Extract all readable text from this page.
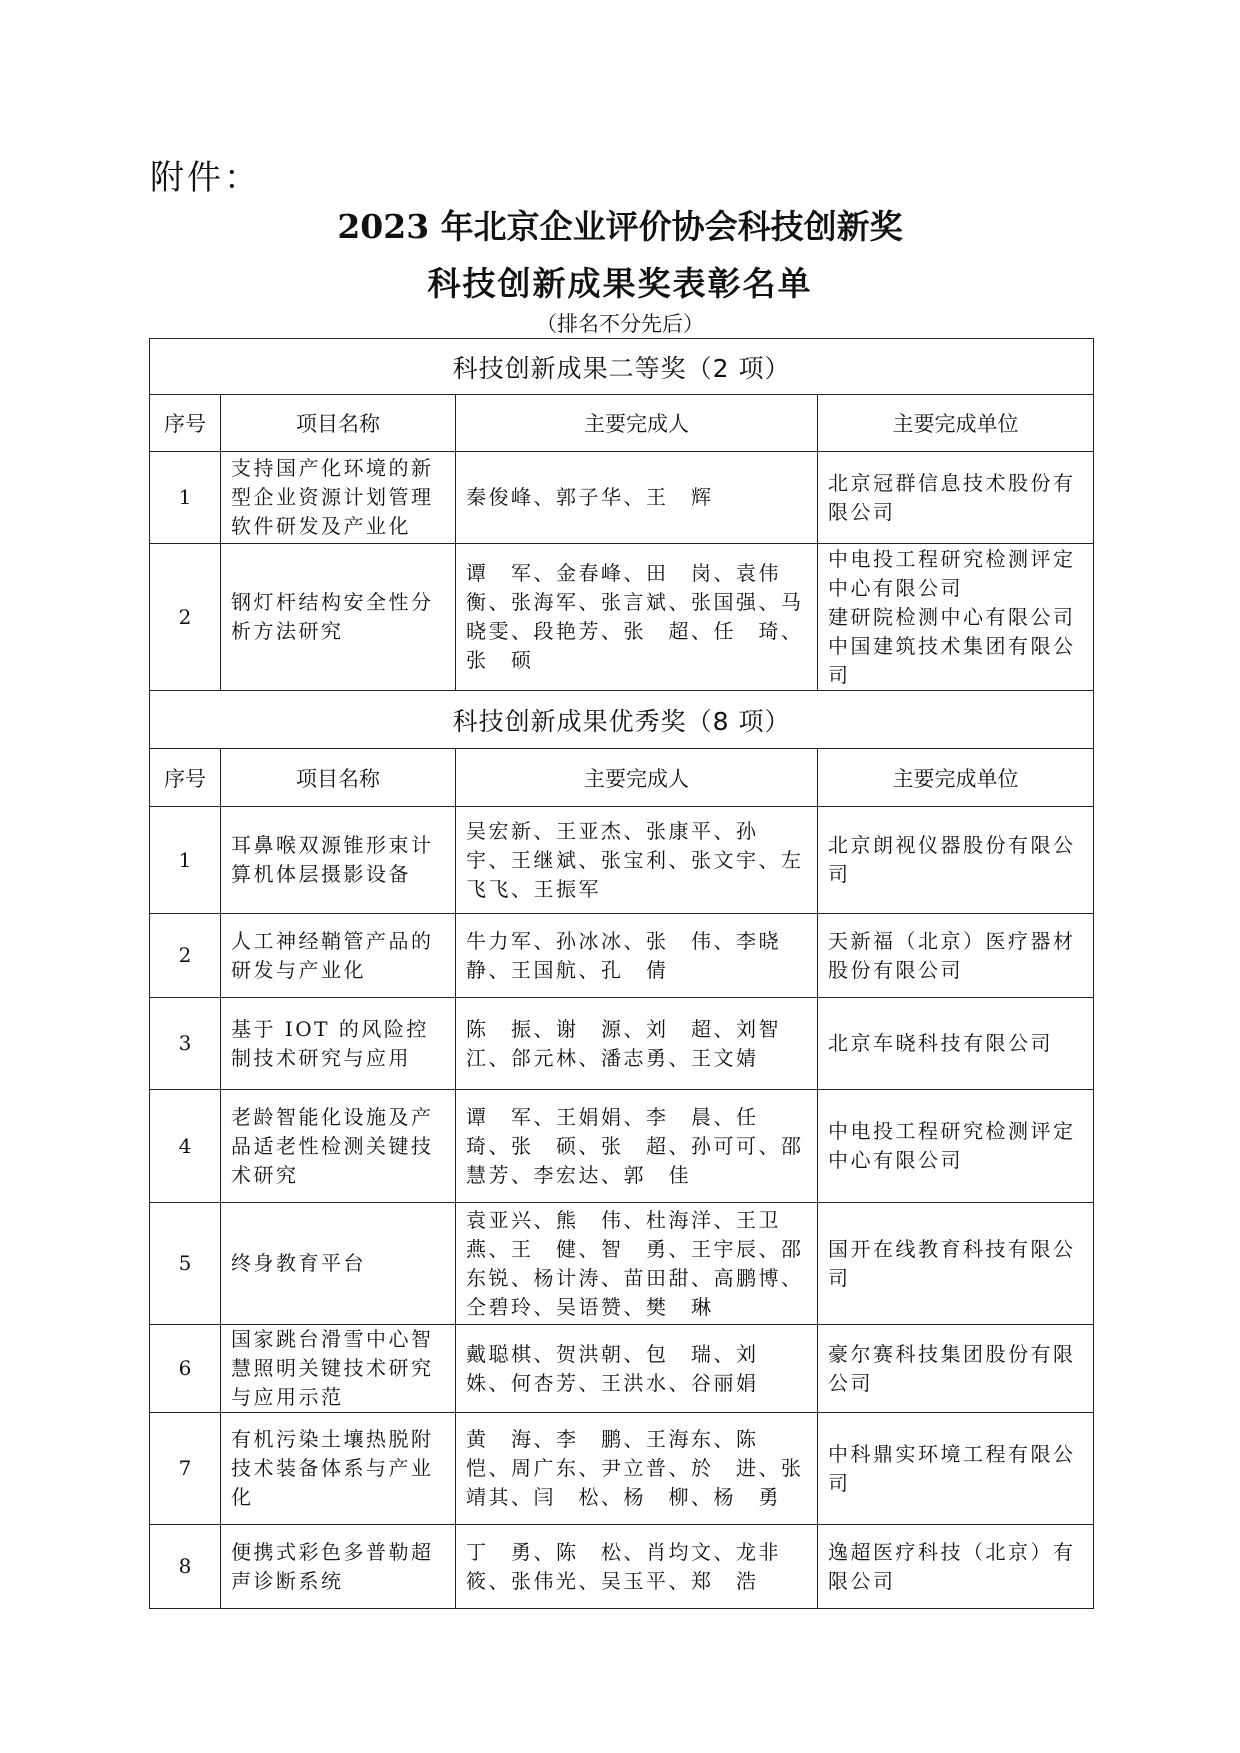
附件：
2023 年北京企业评价协会科技创新奖
科技创新成果奖表彰名单
（排名不分先后）
科技创新成果二等奖（2 项）			
序号	项目名称	主要完成人	主要完成单位
1	支持国产化环境的新型企业资源计划管理软件研发及产业化	秦俊峰、郭子华、王　辉	北京冠群信息技术股份有限公司
2	钢灯杆结构安全性分析方法研究	谭　军、金春峰、田　岗、袁伟衡、张海军、张言斌、张国强、马晓雯、段艳芳、张　超、任　琦、张　硕	中电投工程研究检测评定中心有限公司
建研院检测中心有限公司
中国建筑技术集团有限公司
科技创新成果优秀奖（8 项）			
序号	项目名称	主要完成人	主要完成单位
1	耳鼻喉双源锥形束计算机体层摄影设备	吴宏新、王亚杰、张康平、孙　宇、王继斌、张宝利、张文宇、左飞飞、王振军	北京朗视仪器股份有限公司
2	人工神经鞘管产品的研发与产业化	牛力军、孙冰冰、张　伟、李晓静、王国航、孔　倩	天新福（北京）医疗器材股份有限公司
3	基于 IOT 的风险控制技术研究与应用	陈　振、谢　源、刘　超、刘智江、郃元林、潘志勇、王文婧	北京车晓科技有限公司
4	老龄智能化设施及产品适老性检测关键技术研究	谭　军、王娟娟、李　晨、任　琦、张　硕、张　超、孙可可、邵慧芳、李宏达、郭　佳	中电投工程研究检测评定中心有限公司
5	终身教育平台	袁亚兴、熊　伟、杜海洋、王卫燕、王　健、智　勇、王宇辰、邵东锐、杨计涛、苗田甜、高鹏博、仝碧玲、吴语赞、樊　琳	国开在线教育科技有限公司
6	国家跳台滑雪中心智慧照明关键技术研究与应用示范	戴聪棋、贺洪朝、包　瑞、刘　姝、何杏芳、王洪水、谷丽娟	豪尔赛科技集团股份有限公司
7	有机污染土壤热脱附技术装备体系与产业化	黄　海、李　鹏、王海东、陈　恺、周广东、尹立普、於　进、张靖其、闫　松、杨　柳、杨　勇	中科鼎实环境工程有限公司
8	便携式彩色多普勒超声诊断系统	丁　勇、陈　松、肖均文、龙非筱、张伟光、吴玉平、郑　浩	逸超医疗科技（北京）有限公司
